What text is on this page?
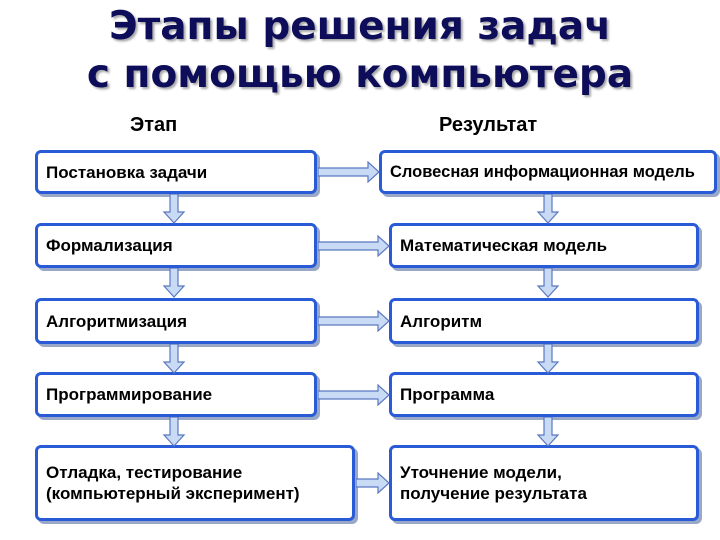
Этапы решения задач
с помощью компьютера
Этап	Результат
Постановка задачи
Формализация
Алгоритмизация
Программирование
Отладка, тестирование
(компьютерный эксперимент)
Словесная информационная модель
Математическая модель
Алгоритм
Программа
Уточнение модели,
получение результата
